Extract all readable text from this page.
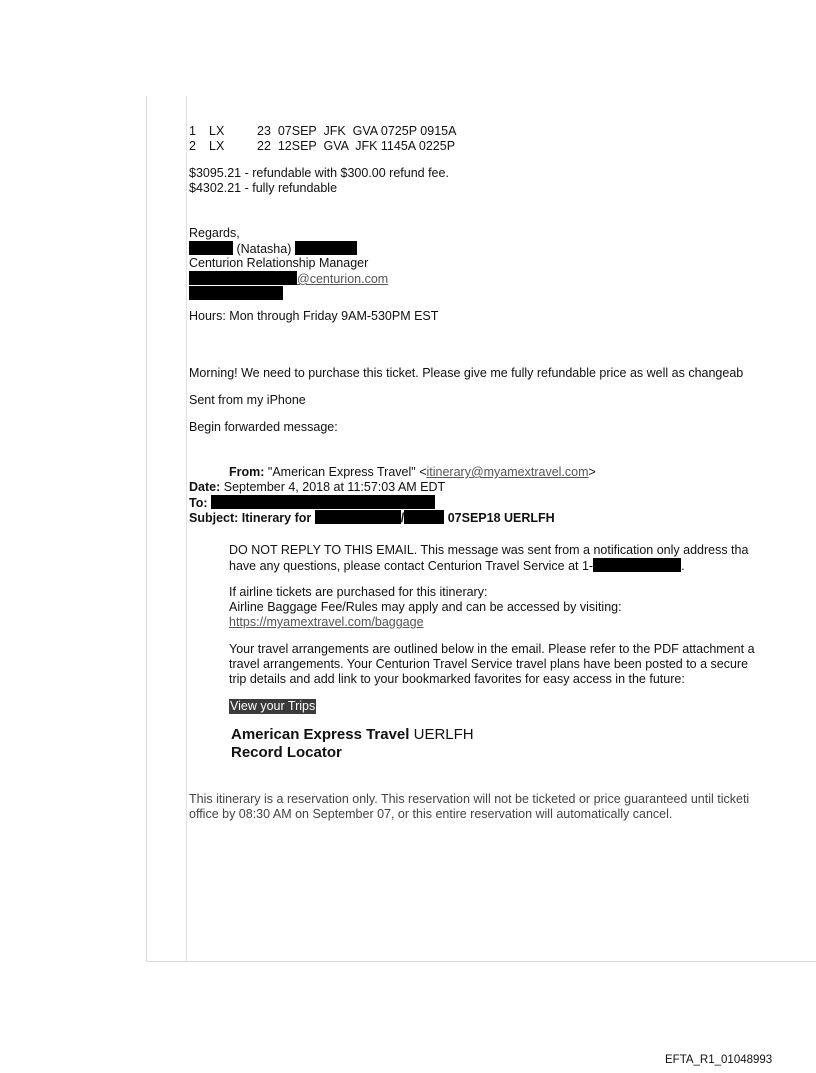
1 LX	23  07SEP  JFK  GVA 0725P 0915A
2 LX	22  12SEP  GVA  JFK 1145A 0225P
$3095.21 - refundable with $300.00 refund fee.
$4302.21 - fully refundable
Regards,
(Natasha)
Centurion Relationship Manager
@centurion.com
Hours: Mon through Friday 9AM-530PM EST
Morning! We need to purchase this ticket. Please give me fully refundable price as well as changeab
Sent from my iPhone
Begin forwarded message:
From: "American Express Travel" <itinerary@myamextravel.com>
Date: September 4, 2018 at 11:57:03 AM EDT
To:
Subject: Itinerary for	/	07SEP18 UERLFH
DO NOT REPLY TO THIS EMAIL. This message was sent from a notification only address tha
have any questions, please contact Centurion Travel Service at 1-	.
If airline tickets are purchased for this itinerary:
Airline Baggage Fee/Rules may apply and can be accessed by visiting:
https://myamextravel.com/baggage
Your travel arrangements are outlined below in the email. Please refer to the PDF attachment a
travel arrangements. Your Centurion Travel Service travel plans have been posted to a secure
trip details and add link to your bookmarked favorites for easy access in the future:
View your Trips
American Express Travel UERLFH
Record Locator
This itinerary is a reservation only. This reservation will not be ticketed or price guaranteed until ticketi
office by 08:30 AM on September 07, or this entire reservation will automatically cancel.
EFTA_R1_01048993
